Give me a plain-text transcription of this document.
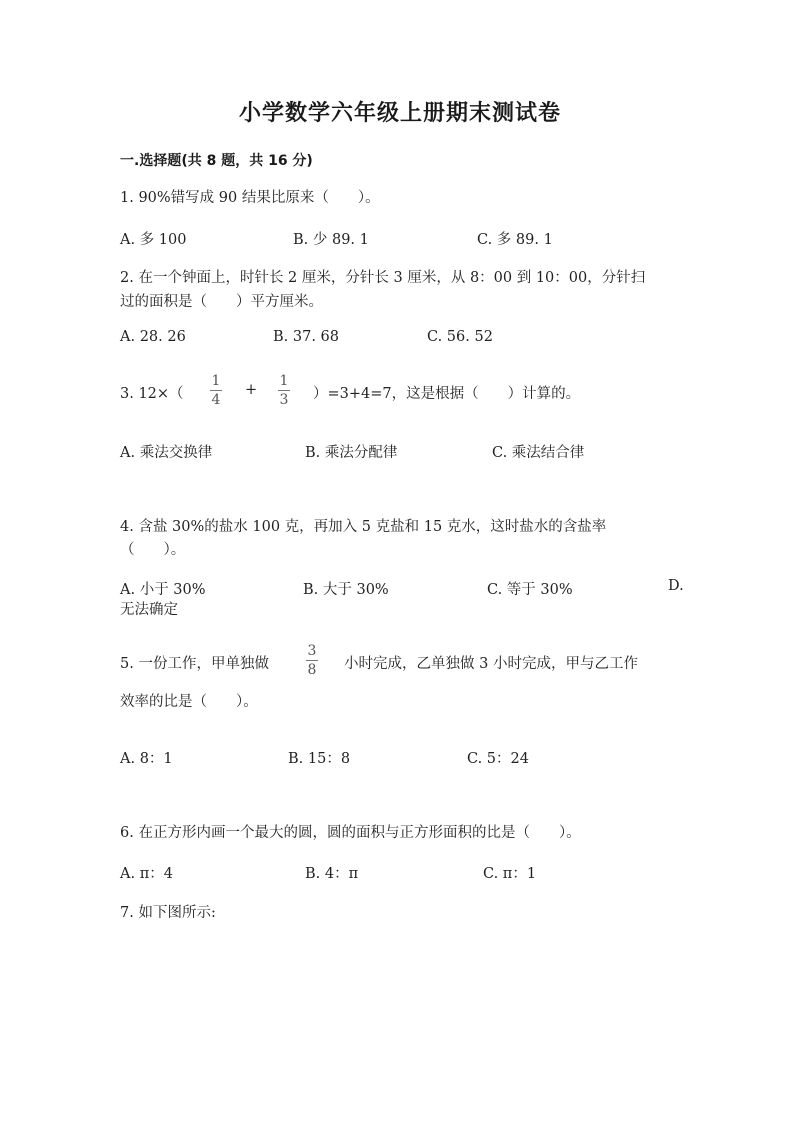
小学数学六年级上册期末测试卷
一.选择题(共 8 题，共 16 分)
1. 90%错写成 90 结果比原来（　　）。
A. 多 100	B. 少 89. 1	C. 多 89. 1
2. 在一个钟面上，时针长 2 厘米，分针长 3 厘米，从 8：00 到 10：00，分针扫
过的面积是（　　）平方厘米。
A. 28. 26	B. 37. 68	C. 56. 52
3. 12×（
1
4
+
1
3 ）=3+4=7，这是根据（　　）计算的。
A. 乘法交换律	B. 乘法分配律	C. 乘法结合律
4. 含盐 30%的盐水 100 克，再加入 5 克盐和 15 克水，这时盐水的含盐率
（　　）。
A. 小于 30%	B. 大于 30%	C. 等于 30%	D.
无法确定
5. 一份工作，甲单独做
3
8 小时完成，乙单独做 3 小时完成，甲与乙工作
效率的比是（　　）。
A. 8：1	B. 15：8	C. 5：24
6. 在正方形内画一个最大的圆，圆的面积与正方形面积的比是（　　）。
A. π：4	B. 4：π	C. π：1
7. 如下图所示:
